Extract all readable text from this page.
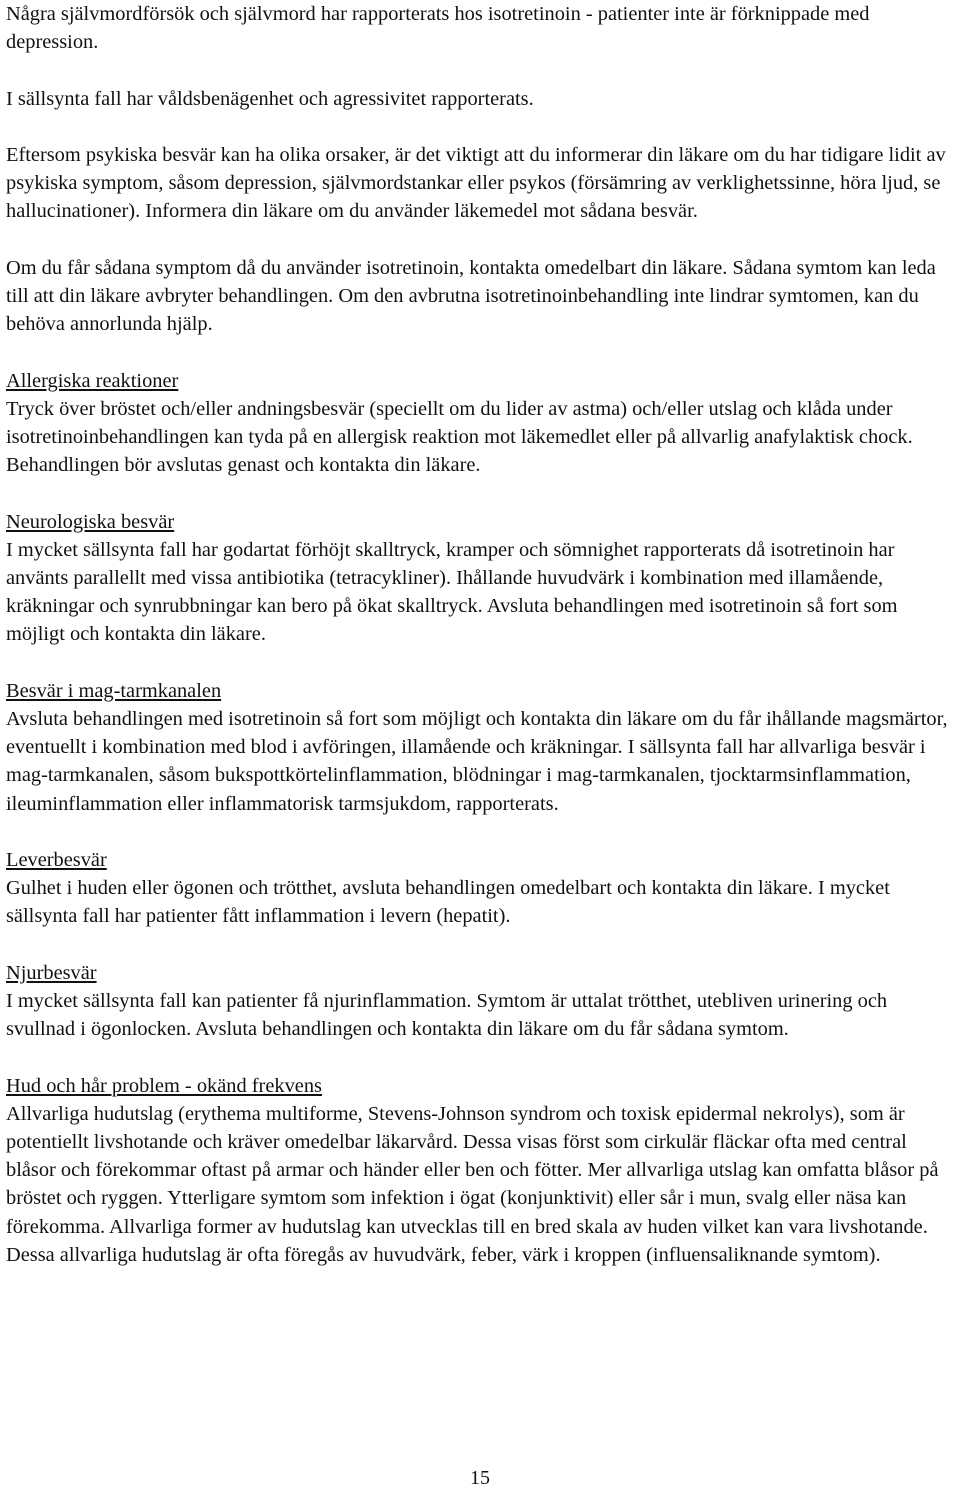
Några självmordförsök och självmord har rapporterats hos isotretinoin - patienter inte är förknippade med depression.

I sällsynta fall har våldsbenägenhet och agressivitet rapporterats.

Eftersom psykiska besvär kan ha olika orsaker, är det viktigt att du informerar din läkare om du har tidigare lidit av psykiska symptom, såsom depression, självmordstankar eller psykos (försämring av verklighetssinne, höra ljud, se hallucinationer). Informera din läkare om du använder läkemedel mot sådana besvär.

Om du får sådana symptom då du använder isotretinoin, kontakta omedelbart din läkare. Sådana symtom kan leda till att din läkare avbryter behandlingen. Om den avbrutna isotretinoinbehandling inte lindrar symtomen, kan du behöva annorlunda hjälp.

Allergiska reaktioner

Tryck över bröstet och/eller andningsbesvär (speciellt om du lider av astma) och/eller utslag och klåda under isotretinoinbehandlingen kan tyda på en allergisk reaktion mot läkemedlet eller på allvarlig anafylaktisk chock. Behandlingen bör avslutas genast och kontakta din läkare.

Neurologiska besvär

I mycket sällsynta fall har godartat förhöjt skalltryck, kramper och sömnighet rapporterats då isotretinoin har använts parallellt med vissa antibiotika (tetracykliner). Ihållande huvudvärk i kombination med illamående, kräkningar och synrubbningar kan bero på ökat skalltryck. Avsluta behandlingen med isotretinoin så fort som möjligt och kontakta din läkare.

Besvär i mag-tarmkanalen

Avsluta behandlingen med isotretinoin så fort som möjligt och kontakta din läkare om du får ihållande magsmärtor, eventuellt i kombination med blod i avföringen, illamående och kräkningar. I sällsynta fall har allvarliga besvär i mag-tarmkanalen, såsom bukspottkörtelinflammation, blödningar i mag-tarmkanalen, tjocktarmsinflammation, ileuminflammation eller inflammatorisk tarmsjukdom, rapporterats.

Leverbesvär

Gulhet i huden eller ögonen och trötthet, avsluta behandlingen omedelbart och kontakta din läkare. I mycket sällsynta fall har patienter fått inflammation i levern (hepatit).

Njurbesvär

I mycket sällsynta fall kan patienter få njurinflammation. Symtom är uttalat trötthet, utebliven urinering och svullnad i ögonlocken. Avsluta behandlingen och kontakta din läkare om du får sådana symtom.

Hud och hår problem - okänd frekvens

Allvarliga hudutslag (erythema multiforme, Stevens-Johnson syndrom och toxisk epidermal nekrolys), som är potentiellt livshotande och kräver omedelbar läkarvård. Dessa visas först som cirkulär fläckar ofta med central blåsor och förekommar oftast på armar och händer eller ben och fötter. Mer allvarliga utslag kan omfatta blåsor på bröstet och ryggen. Ytterligare symtom som infektion i ögat (konjunktivit) eller sår i mun, svalg eller näsa kan förekomma. Allvarliga former av hudutslag kan utvecklas till en bred skala av huden vilket kan vara livshotande. Dessa allvarliga hudutslag är ofta föregås av huvudvärk, feber, värk i kroppen (influensaliknande symtom).

15
